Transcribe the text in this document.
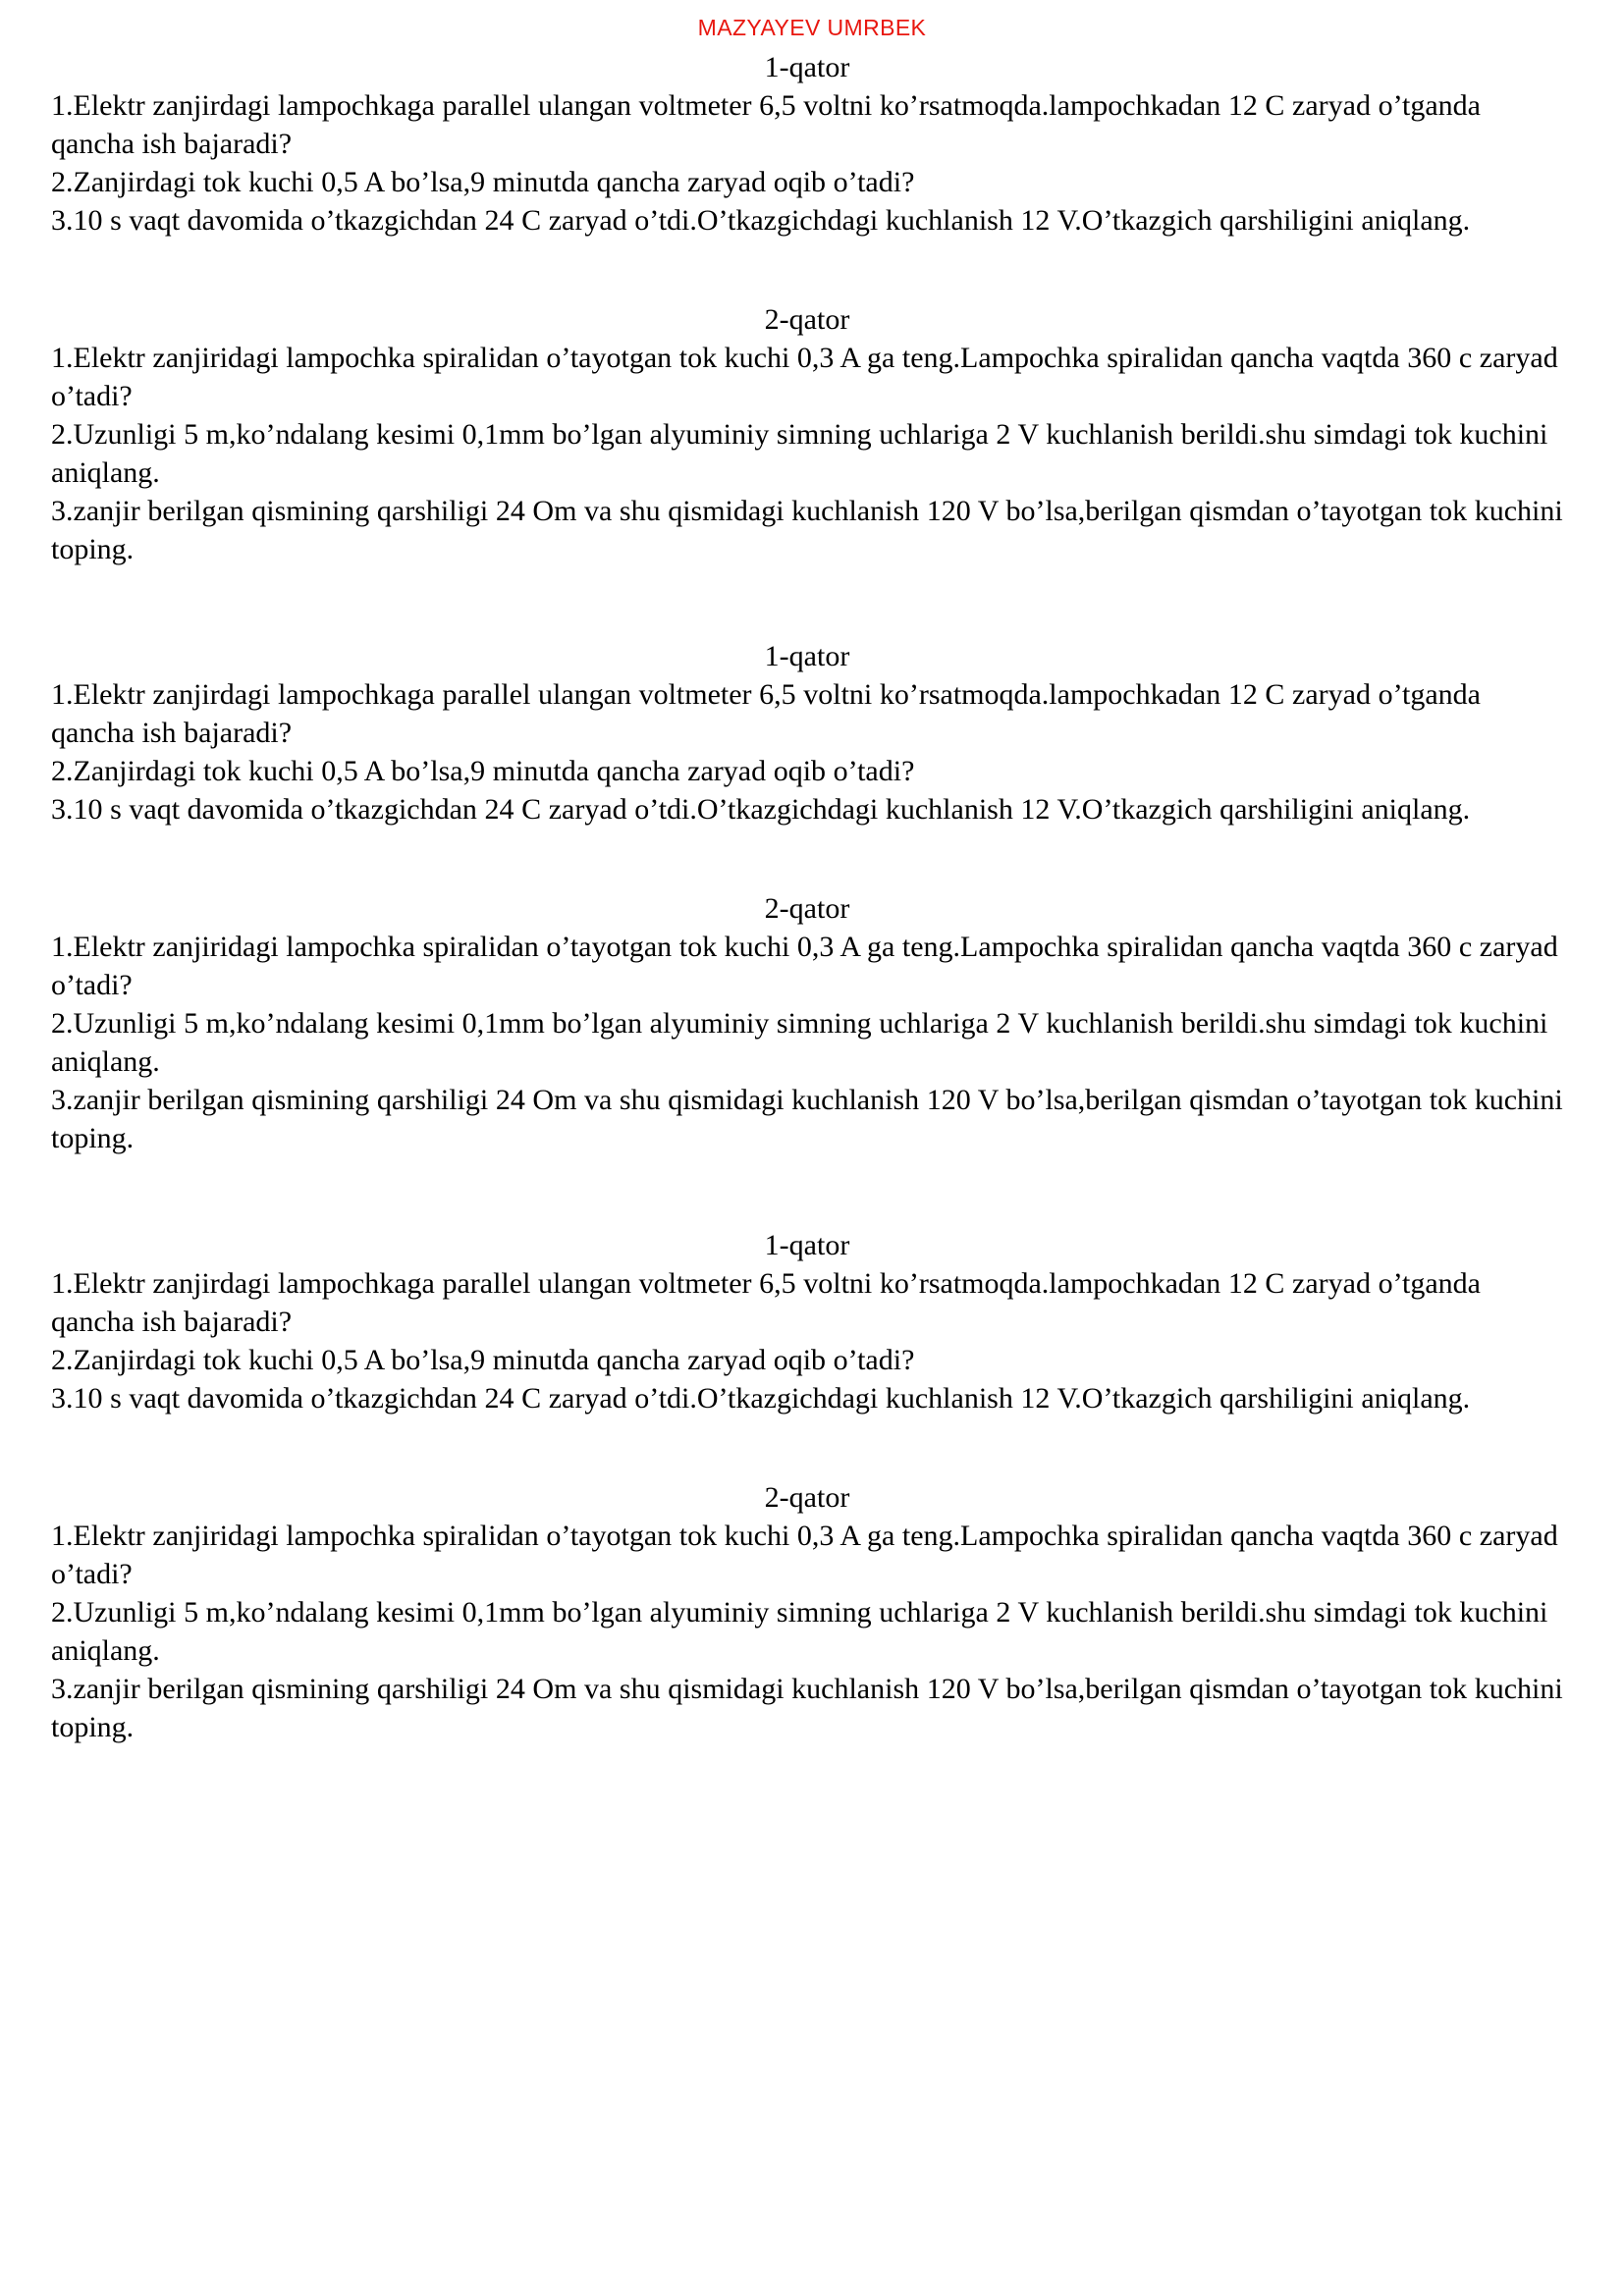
MAZYAYEV UMRBEK
1-qator
1.Elektr zanjirdagi lampochkaga parallel ulangan voltmeter 6,5 voltni ko’rsatmoqda.lampochkadan 12 C zaryad o’tganda qancha ish bajaradi?
2.Zanjirdagi tok kuchi 0,5 A bo’lsa,9 minutda qancha zaryad oqib o’tadi?
3.10 s vaqt davomida o’tkazgichdan 24 C zaryad o’tdi.O’tkazgichdagi kuchlanish 12 V.O’tkazgich qarshiligini aniqlang.
2-qator
1.Elektr zanjiridagi lampochka spiralidan o’tayotgan tok kuchi 0,3 A ga teng.Lampochka spiralidan qancha vaqtda 360 c zaryad o’tadi?
2.Uzunligi 5 m,ko’ndalang kesimi 0,1mm bo’lgan alyuminiy simning uchlariga 2 V kuchlanish berildi.shu simdagi tok kuchini aniqlang.
3.zanjir berilgan qismining qarshiligi 24 Om va shu qismidagi kuchlanish 120 V bo’lsa,berilgan qismdan o’tayotgan tok kuchini toping.
1-qator
1.Elektr zanjirdagi lampochkaga parallel ulangan voltmeter 6,5 voltni ko’rsatmoqda.lampochkadan 12 C zaryad o’tganda qancha ish bajaradi?
2.Zanjirdagi tok kuchi 0,5 A bo’lsa,9 minutda qancha zaryad oqib o’tadi?
3.10 s vaqt davomida o’tkazgichdan 24 C zaryad o’tdi.O’tkazgichdagi kuchlanish 12 V.O’tkazgich qarshiligini aniqlang.
2-qator
1.Elektr zanjiridagi lampochka spiralidan o’tayotgan tok kuchi 0,3 A ga teng.Lampochka spiralidan qancha vaqtda 360 c zaryad o’tadi?
2.Uzunligi 5 m,ko’ndalang kesimi 0,1mm bo’lgan alyuminiy simning uchlariga 2 V kuchlanish berildi.shu simdagi tok kuchini aniqlang.
3.zanjir berilgan qismining qarshiligi 24 Om va shu qismidagi kuchlanish 120 V bo’lsa,berilgan qismdan o’tayotgan tok kuchini toping.
1-qator
1.Elektr zanjirdagi lampochkaga parallel ulangan voltmeter 6,5 voltni ko’rsatmoqda.lampochkadan 12 C zaryad o’tganda qancha ish bajaradi?
2.Zanjirdagi tok kuchi 0,5 A bo’lsa,9 minutda qancha zaryad oqib o’tadi?
3.10 s vaqt davomida o’tkazgichdan 24 C zaryad o’tdi.O’tkazgichdagi kuchlanish 12 V.O’tkazgich qarshiligini aniqlang.
2-qator
1.Elektr zanjiridagi lampochka spiralidan o’tayotgan tok kuchi 0,3 A ga teng.Lampochka spiralidan qancha vaqtda 360 c zaryad o’tadi?
2.Uzunligi 5 m,ko’ndalang kesimi 0,1mm bo’lgan alyuminiy simning uchlariga 2 V kuchlanish berildi.shu simdagi tok kuchini aniqlang.
3.zanjir berilgan qismining qarshiligi 24 Om va shu qismidagi kuchlanish 120 V bo’lsa,berilgan qismdan o’tayotgan tok kuchini toping.
